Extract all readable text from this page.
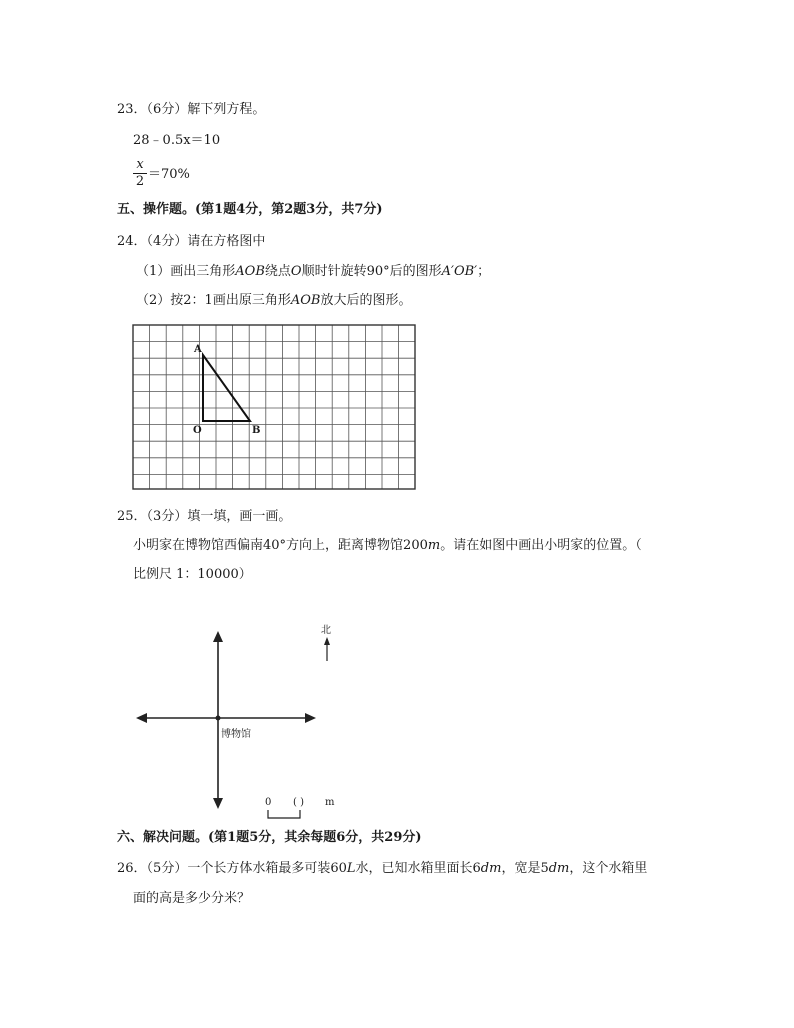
23．（6分）解下列方程。
28﹣0.5x＝10
x
2 ＝70%
五、操作题。(第1题4分，第2题3分，共7分)
24．（4分）请在方格图中
（1）画出三角形AOB绕点O顺时针旋转90°后的图形A′OB′；
（2）按2：1画出原三角形AOB放大后的图形。
A
O	B
25．（3分）填一填，画一画。
小明家在博物馆西偏南40°方向上，距离博物馆200m。请在如图中画出小明家的位置。（
比例尺 1：10000）
博物馆
北
0 ( ) m
六、解决问题。(第1题5分，其余每题6分，共29分)
26．（5分）一个长方体水箱最多可装60L水，已知水箱里面长6dm，宽是5dm，这个水箱里
面的高是多少分米？
